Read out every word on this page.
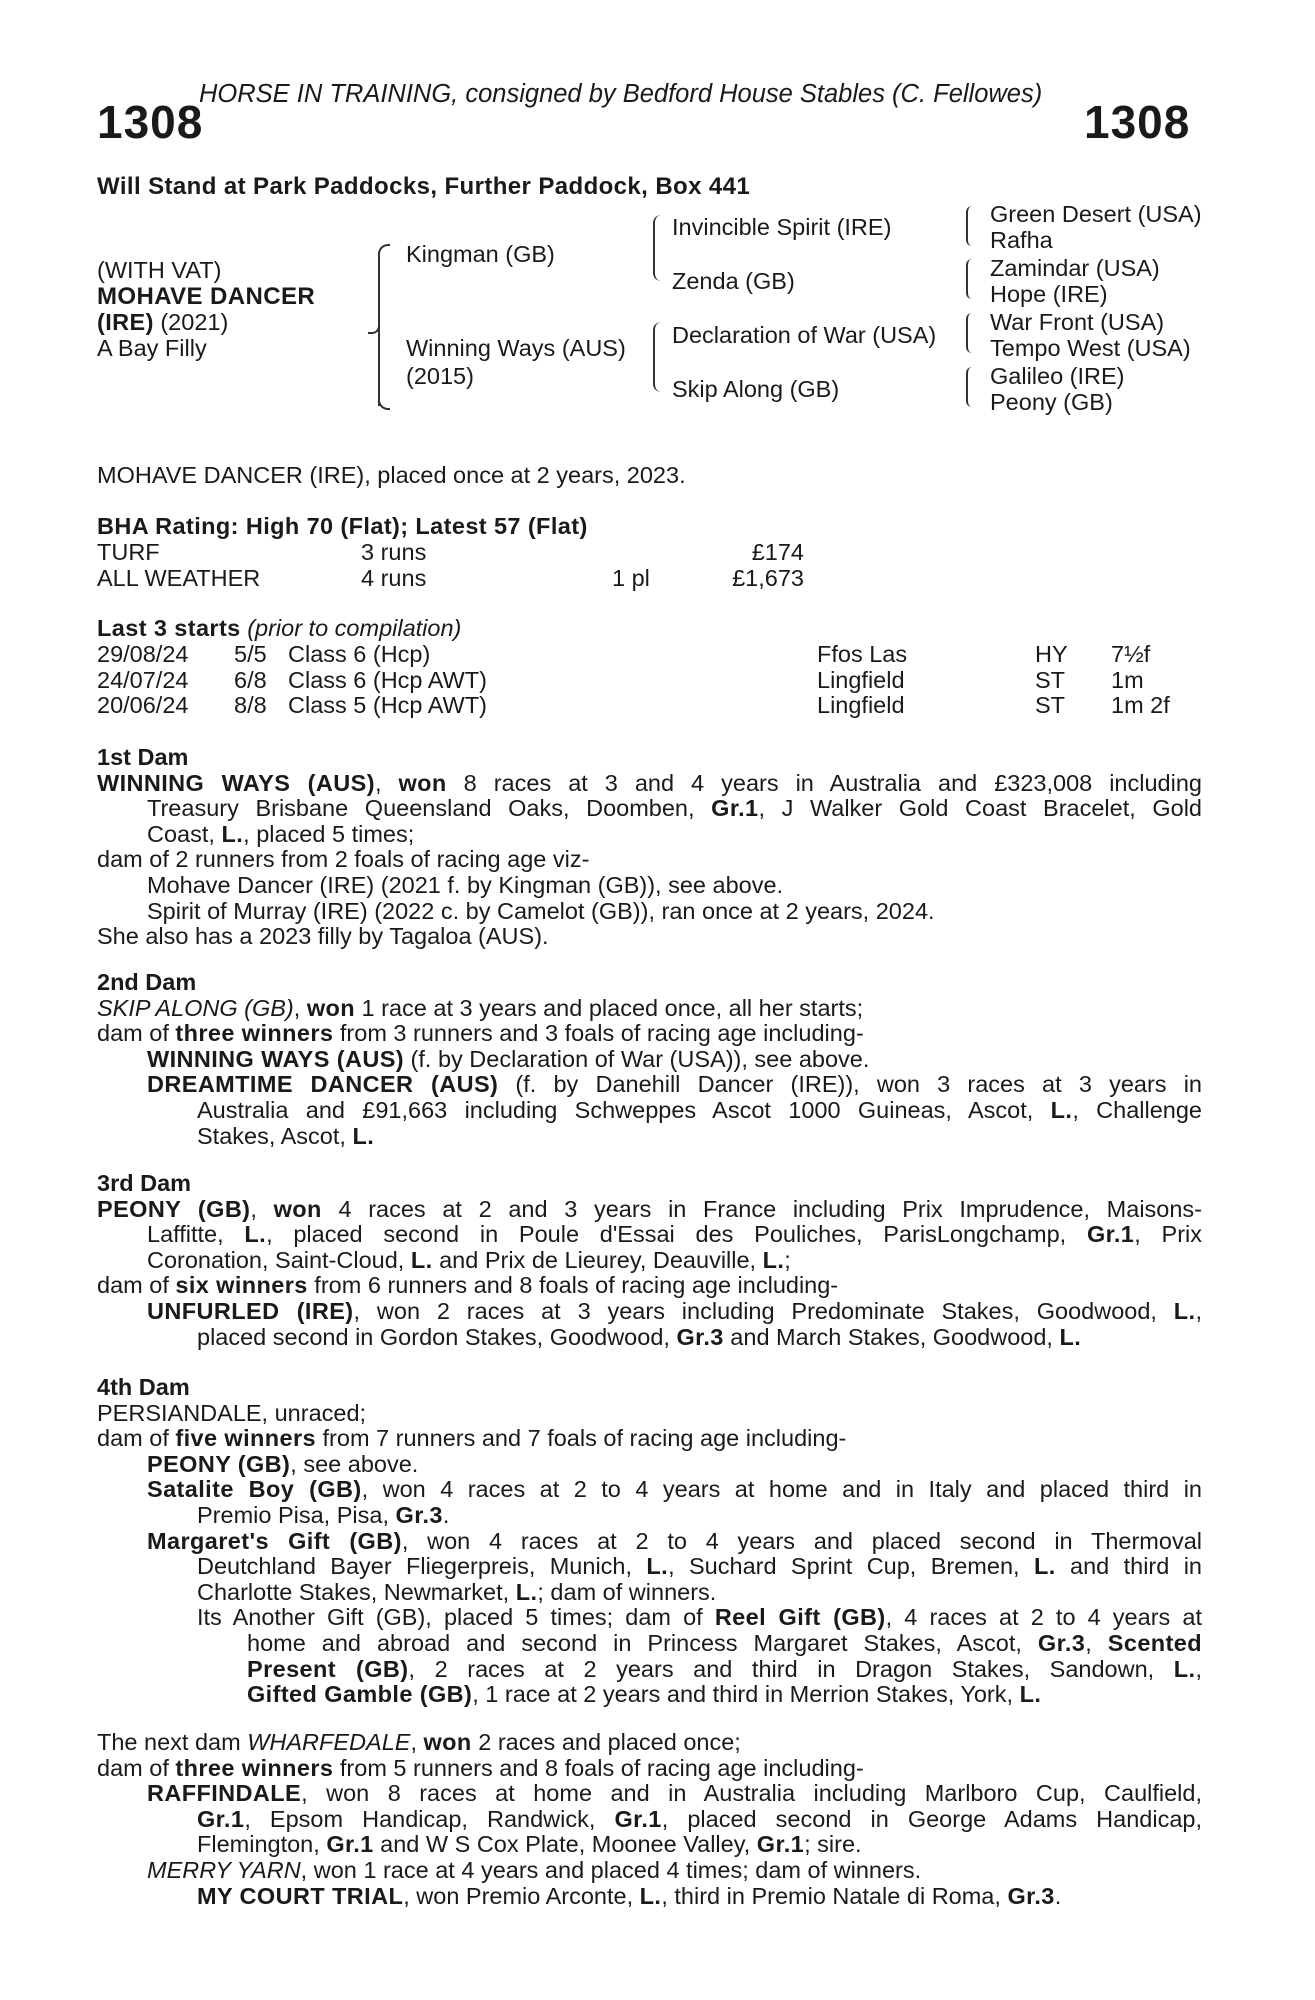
HORSE IN TRAINING, consigned by Bedford House Stables (C. Fellowes)
1308	1308
Will Stand at Park Paddocks, Further Paddock, Box 441
(WITH VAT)
MOHAVE DANCER
(IRE) (2021)
A Bay Filly
Kingman (GB)
Winning Ways (AUS)
(2015)
Invincible Spirit (IRE)
Zenda (GB)
Declaration of War (USA)
Skip Along (GB)
Green Desert (USA)
Rafha
Zamindar (USA)
Hope (IRE)
War Front (USA)
Tempo West (USA)
Galileo (IRE)
Peony (GB)
MOHAVE DANCER (IRE), placed once at 2 years, 2023.
BHA Rating: High 70 (Flat); Latest 57 (Flat)
TURF	3 runs		£174
ALL WEATHER	4 runs	1 pl	£1,673
Last 3 starts (prior to compilation)
29/08/24	5/5	Class 6 (Hcp)	Ffos Las	HY	7½f
24/07/24	6/8	Class 6 (Hcp AWT)	Lingfield	ST	1m
20/06/24	8/8	Class 5 (Hcp AWT)	Lingfield	ST	1m 2f
1st Dam
WINNING WAYS (AUS), won 8 races at 3 and 4 years in Australia and £323,008 including
Treasury Brisbane Queensland Oaks, Doomben, Gr.1, J Walker Gold Coast Bracelet, Gold
Coast, L., placed 5 times;
dam of 2 runners from 2 foals of racing age viz-
Mohave Dancer (IRE) (2021 f. by Kingman (GB)), see above.
Spirit of Murray (IRE) (2022 c. by Camelot (GB)), ran once at 2 years, 2024.
She also has a 2023 filly by Tagaloa (AUS).
2nd Dam
SKIP ALONG (GB), won 1 race at 3 years and placed once, all her starts;
dam of three winners from 3 runners and 3 foals of racing age including-
WINNING WAYS (AUS) (f. by Declaration of War (USA)), see above.
DREAMTIME DANCER (AUS) (f. by Danehill Dancer (IRE)), won 3 races at 3 years in
Australia and £91,663 including Schweppes Ascot 1000 Guineas, Ascot, L., Challenge
Stakes, Ascot, L.
3rd Dam
PEONY (GB), won 4 races at 2 and 3 years in France including Prix Imprudence, Maisons-
Laffitte, L., placed second in Poule d'Essai des Pouliches, ParisLongchamp, Gr.1, Prix
Coronation, Saint-Cloud, L. and Prix de Lieurey, Deauville, L.;
dam of six winners from 6 runners and 8 foals of racing age including-
UNFURLED (IRE), won 2 races at 3 years including Predominate Stakes, Goodwood, L.,
placed second in Gordon Stakes, Goodwood, Gr.3 and March Stakes, Goodwood, L.
4th Dam
PERSIANDALE, unraced;
dam of five winners from 7 runners and 7 foals of racing age including-
PEONY (GB), see above.
Satalite Boy (GB), won 4 races at 2 to 4 years at home and in Italy and placed third in
Premio Pisa, Pisa, Gr.3.
Margaret's Gift (GB), won 4 races at 2 to 4 years and placed second in Thermoval
Deutchland Bayer Fliegerpreis, Munich, L., Suchard Sprint Cup, Bremen, L. and third in
Charlotte Stakes, Newmarket, L.; dam of winners.
Its Another Gift (GB), placed 5 times; dam of Reel Gift (GB), 4 races at 2 to 4 years at
home and abroad and second in Princess Margaret Stakes, Ascot, Gr.3, Scented
Present (GB), 2 races at 2 years and third in Dragon Stakes, Sandown, L.,
Gifted Gamble (GB), 1 race at 2 years and third in Merrion Stakes, York, L.
The next dam WHARFEDALE, won 2 races and placed once;
dam of three winners from 5 runners and 8 foals of racing age including-
RAFFINDALE, won 8 races at home and in Australia including Marlboro Cup, Caulfield,
Gr.1, Epsom Handicap, Randwick, Gr.1, placed second in George Adams Handicap,
Flemington, Gr.1 and W S Cox Plate, Moonee Valley, Gr.1; sire.
MERRY YARN, won 1 race at 4 years and placed 4 times; dam of winners.
MY COURT TRIAL, won Premio Arconte, L., third in Premio Natale di Roma, Gr.3.
